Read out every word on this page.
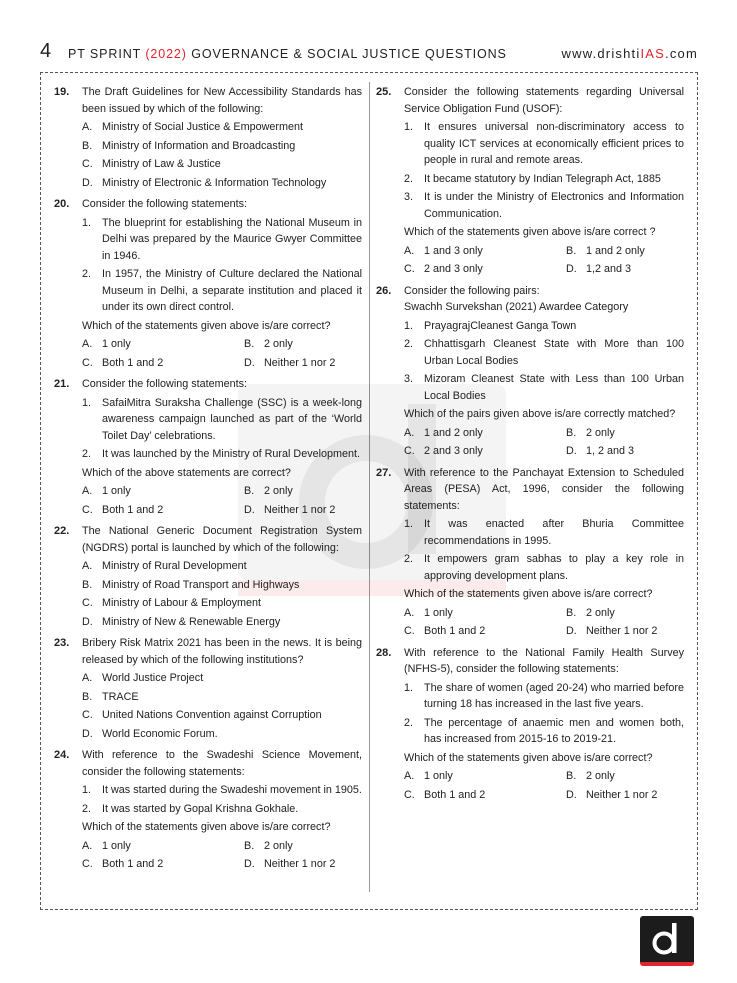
4 PT SPRINT (2022) GOVERNANCE & SOCIAL JUSTICE QUESTIONS	www.drishtiIAS.com
19. The Draft Guidelines for New Accessibility Standards has been issued by which of the following:
A. Ministry of Social Justice & Empowerment
B. Ministry of Information and Broadcasting
C. Ministry of Law & Justice
D. Ministry of Electronic & Information Technology
20. Consider the following statements:
1. The blueprint for establishing the National Museum in Delhi was prepared by the Maurice Gwyer Committee in 1946.
2. In 1957, the Ministry of Culture declared the National Museum in Delhi, a separate institution and placed it under its own direct control.
Which of the statements given above is/are correct?
A. 1 only	B. 2 only
C. Both 1 and 2	D. Neither 1 nor 2
21. Consider the following statements:
1. SafaiMitra Suraksha Challenge (SSC) is a week-long awareness campaign launched as part of the ‘World Toilet Day’ celebrations.
2. It was launched by the Ministry of Rural Development.
Which of the above statements are correct?
A. 1 only	B. 2 only
C. Both 1 and 2	D. Neither 1 nor 2
22. The National Generic Document Registration System (NGDRS) portal is launched by which of the following:
A. Ministry of Rural Development
B. Ministry of Road Transport and Highways
C. Ministry of Labour & Employment
D. Ministry of New & Renewable Energy
23. Bribery Risk Matrix 2021 has been in the news. It is being released by which of the following institutions?
A. World Justice Project
B. TRACE
C. United Nations Convention against Corruption
D. World Economic Forum.
24. With reference to the Swadeshi Science Movement, consider the following statements:
1. It was started during the Swadeshi movement in 1905.
2. It was started by Gopal Krishna Gokhale.
Which of the statements given above is/are correct?
A. 1 only	B. 2 only
C. Both 1 and 2	D. Neither 1 nor 2
25. Consider the following statements regarding Universal Service Obligation Fund (USOF):
1. It ensures universal non-discriminatory access to quality ICT services at economically efficient prices to people in rural and remote areas.
2. It became statutory by Indian Telegraph Act, 1885
3. It is under the Ministry of Electronics and Information Communication.
Which of the statements given above is/are correct ?
A. 1 and 3 only	B. 1 and 2 only
C. 2 and 3 only	D. 1,2 and 3
26. Consider the following pairs:
Swachh Survekshan (2021) Awardee Category
1. PrayagrajCleanest Ganga Town
2. Chhattisgarh Cleanest State with More than 100 Urban Local Bodies
3. Mizoram Cleanest State with Less than 100 Urban Local Bodies
Which of the pairs given above is/are correctly matched?
A. 1 and 2 only	B. 2 only
C. 2 and 3 only	D. 1, 2 and 3
27. With reference to the Panchayat Extension to Scheduled Areas (PESA) Act, 1996, consider the following statements:
1. It was enacted after Bhuria Committee recommendations in 1995.
2. It empowers gram sabhas to play a key role in approving development plans.
Which of the statements given above is/are correct?
A. 1 only	B. 2 only
C. Both 1 and 2	D. Neither 1 nor 2
28. With reference to the National Family Health Survey (NFHS-5), consider the following statements:
1. The share of women (aged 20-24) who married before turning 18 has increased in the last five years.
2. The percentage of anaemic men and women both, has increased from 2015-16 to 2019-21.
Which of the statements given above is/are correct?
A. 1 only	B. 2 only
C. Both 1 and 2	D. Neither 1 nor 2
